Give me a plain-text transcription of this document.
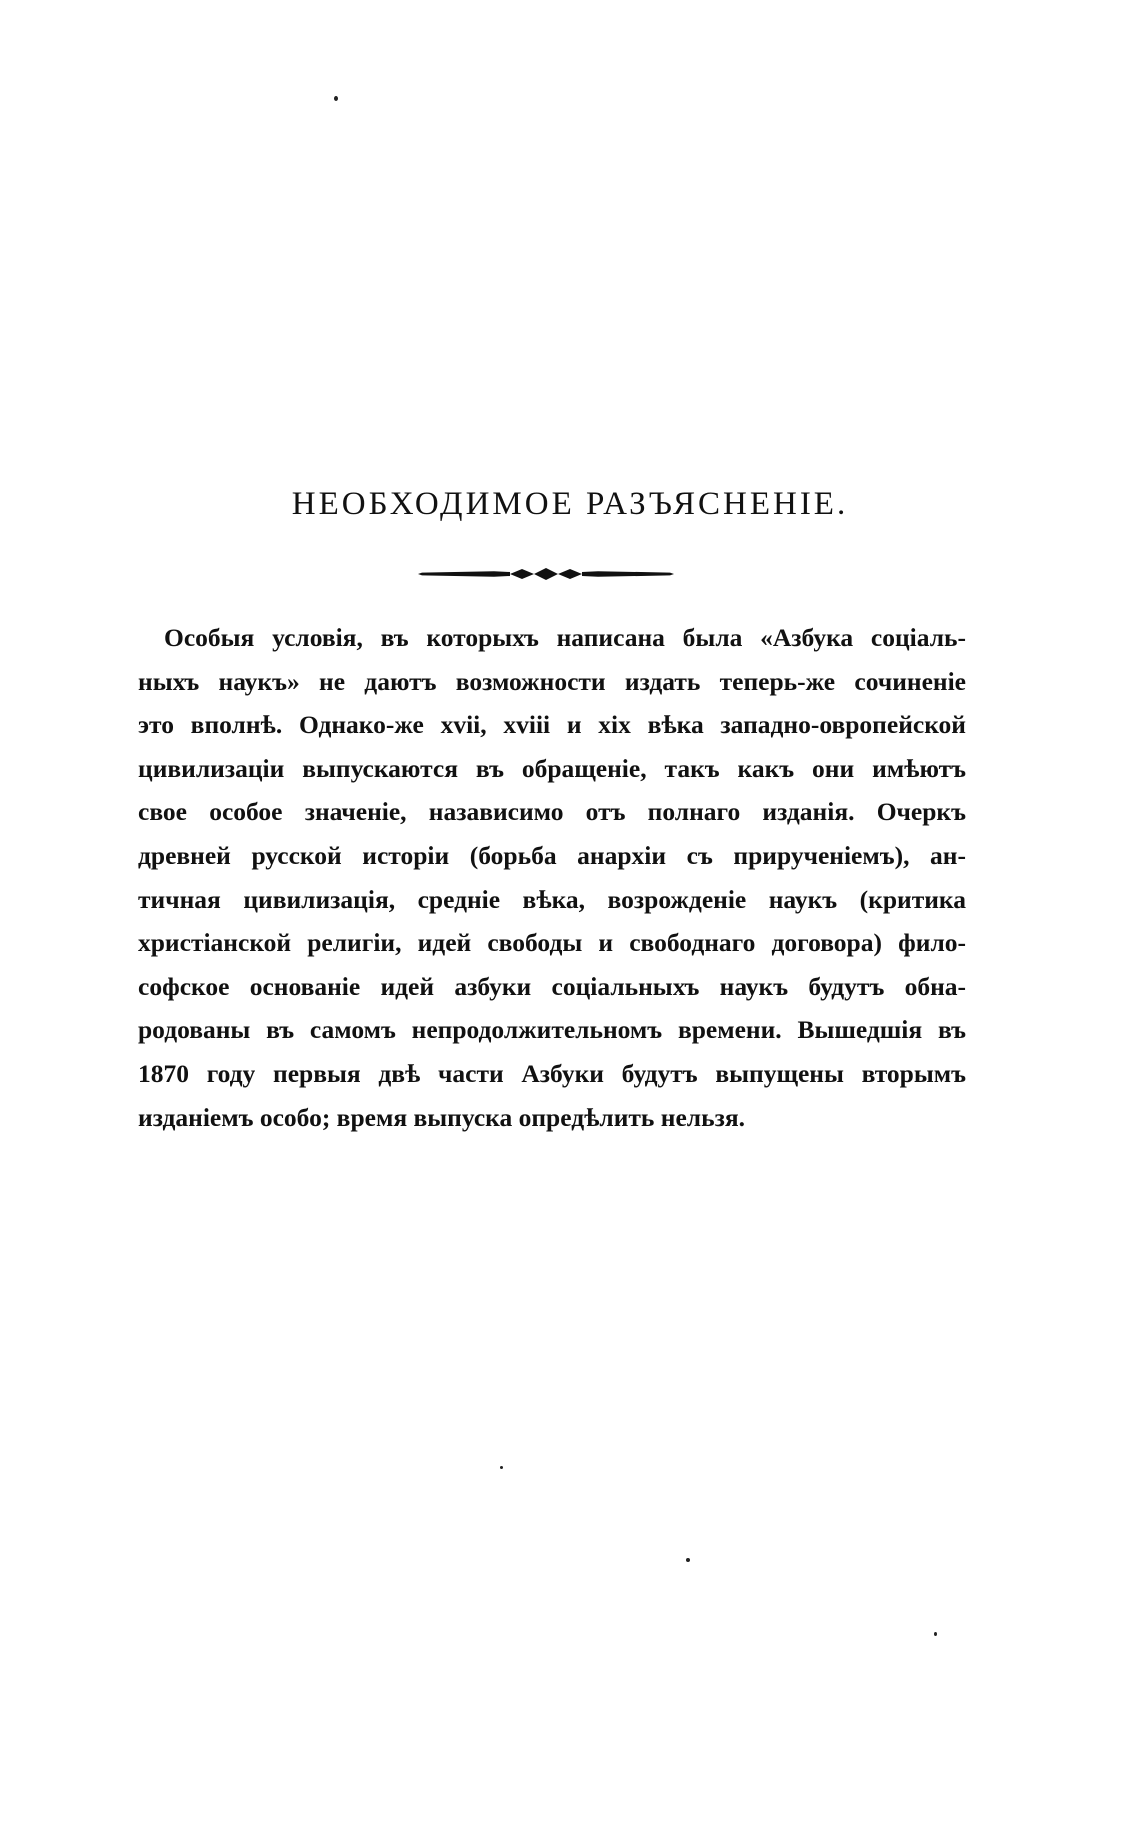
НЕОБХОДИМОЕ РАЗЪЯСНЕНІЕ.
Особыя условія, въ которыхъ написана была «Азбука соціаль-
ныхъ наукъ» не даютъ возможности издать теперь-же сочиненіе
это вполнѣ. Однако-же xvii, xviii и xix вѣка западно-овропейской
цивилизаціи выпускаются въ обращеніе, такъ какъ они имѣютъ
свое особое значеніе, назависимо отъ полнаго изданія. Очеркъ
древней русской исторіи (борьба анархіи съ прирученіемъ), ан-
тичная цивилизація, средніе вѣка, возрожденіе наукъ (критика
христіанской религіи, идей свободы и свободнаго договора) фило-
софское основаніе идей азбуки соціальныхъ наукъ будутъ обна-
родованы въ самомъ непродолжительномъ времени. Вышедшія въ
1870 году первыя двѣ части Азбуки будутъ выпущены вторымъ
изданіемъ особо; время выпуска опредѣлить нельзя.
